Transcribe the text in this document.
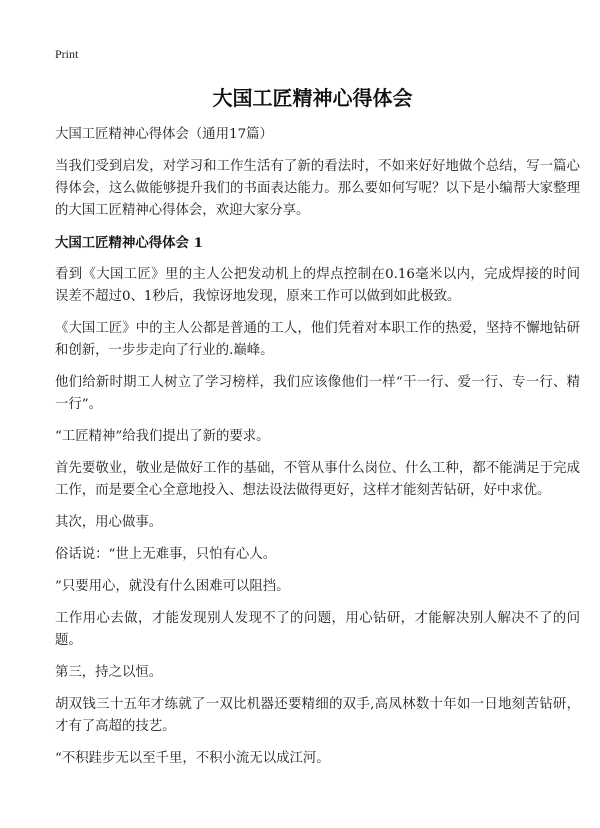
Print
大国工匠精神心得体会

大国工匠精神心得体会（通用17篇）

当我们受到启发，对学习和工作生活有了新的看法时，不如来好好地做个总结，写一篇心得体会，这么做能够提升我们的书面表达能力。那么要如何写呢？以下是小编帮大家整理的大国工匠精神心得体会，欢迎大家分享。

大国工匠精神心得体会 1

看到《大国工匠》里的主人公把发动机上的焊点控制在0.16毫米以内，完成焊接的时间误差不超过0、1秒后，我惊讶地发现，原来工作可以做到如此极致。

《大国工匠》中的主人公都是普通的工人，他们凭着对本职工作的热爱，坚持不懈地钻研和创新，一步步走向了行业的.巅峰。

他们给新时期工人树立了学习榜样，我们应该像他们一样“干一行、爱一行、专一行、精一行”。

“工匠精神”给我们提出了新的要求。

首先要敬业，敬业是做好工作的基础，不管从事什么岗位、什么工种，都不能满足于完成工作，而是要全心全意地投入、想法设法做得更好，这样才能刻苦钻研，好中求优。

其次，用心做事。

俗话说：“世上无难事，只怕有心人。

”只要用心，就没有什么困难可以阻挡。

工作用心去做，才能发现别人发现不了的问题，用心钻研，才能解决别人解决不了的问题。

第三，持之以恒。

胡双钱三十五年才练就了一双比机器还要精细的双手,高凤林数十年如一日地刻苦钻研，才有了高超的技艺。

“不积跬步无以至千里，不积小流无以成江河。
